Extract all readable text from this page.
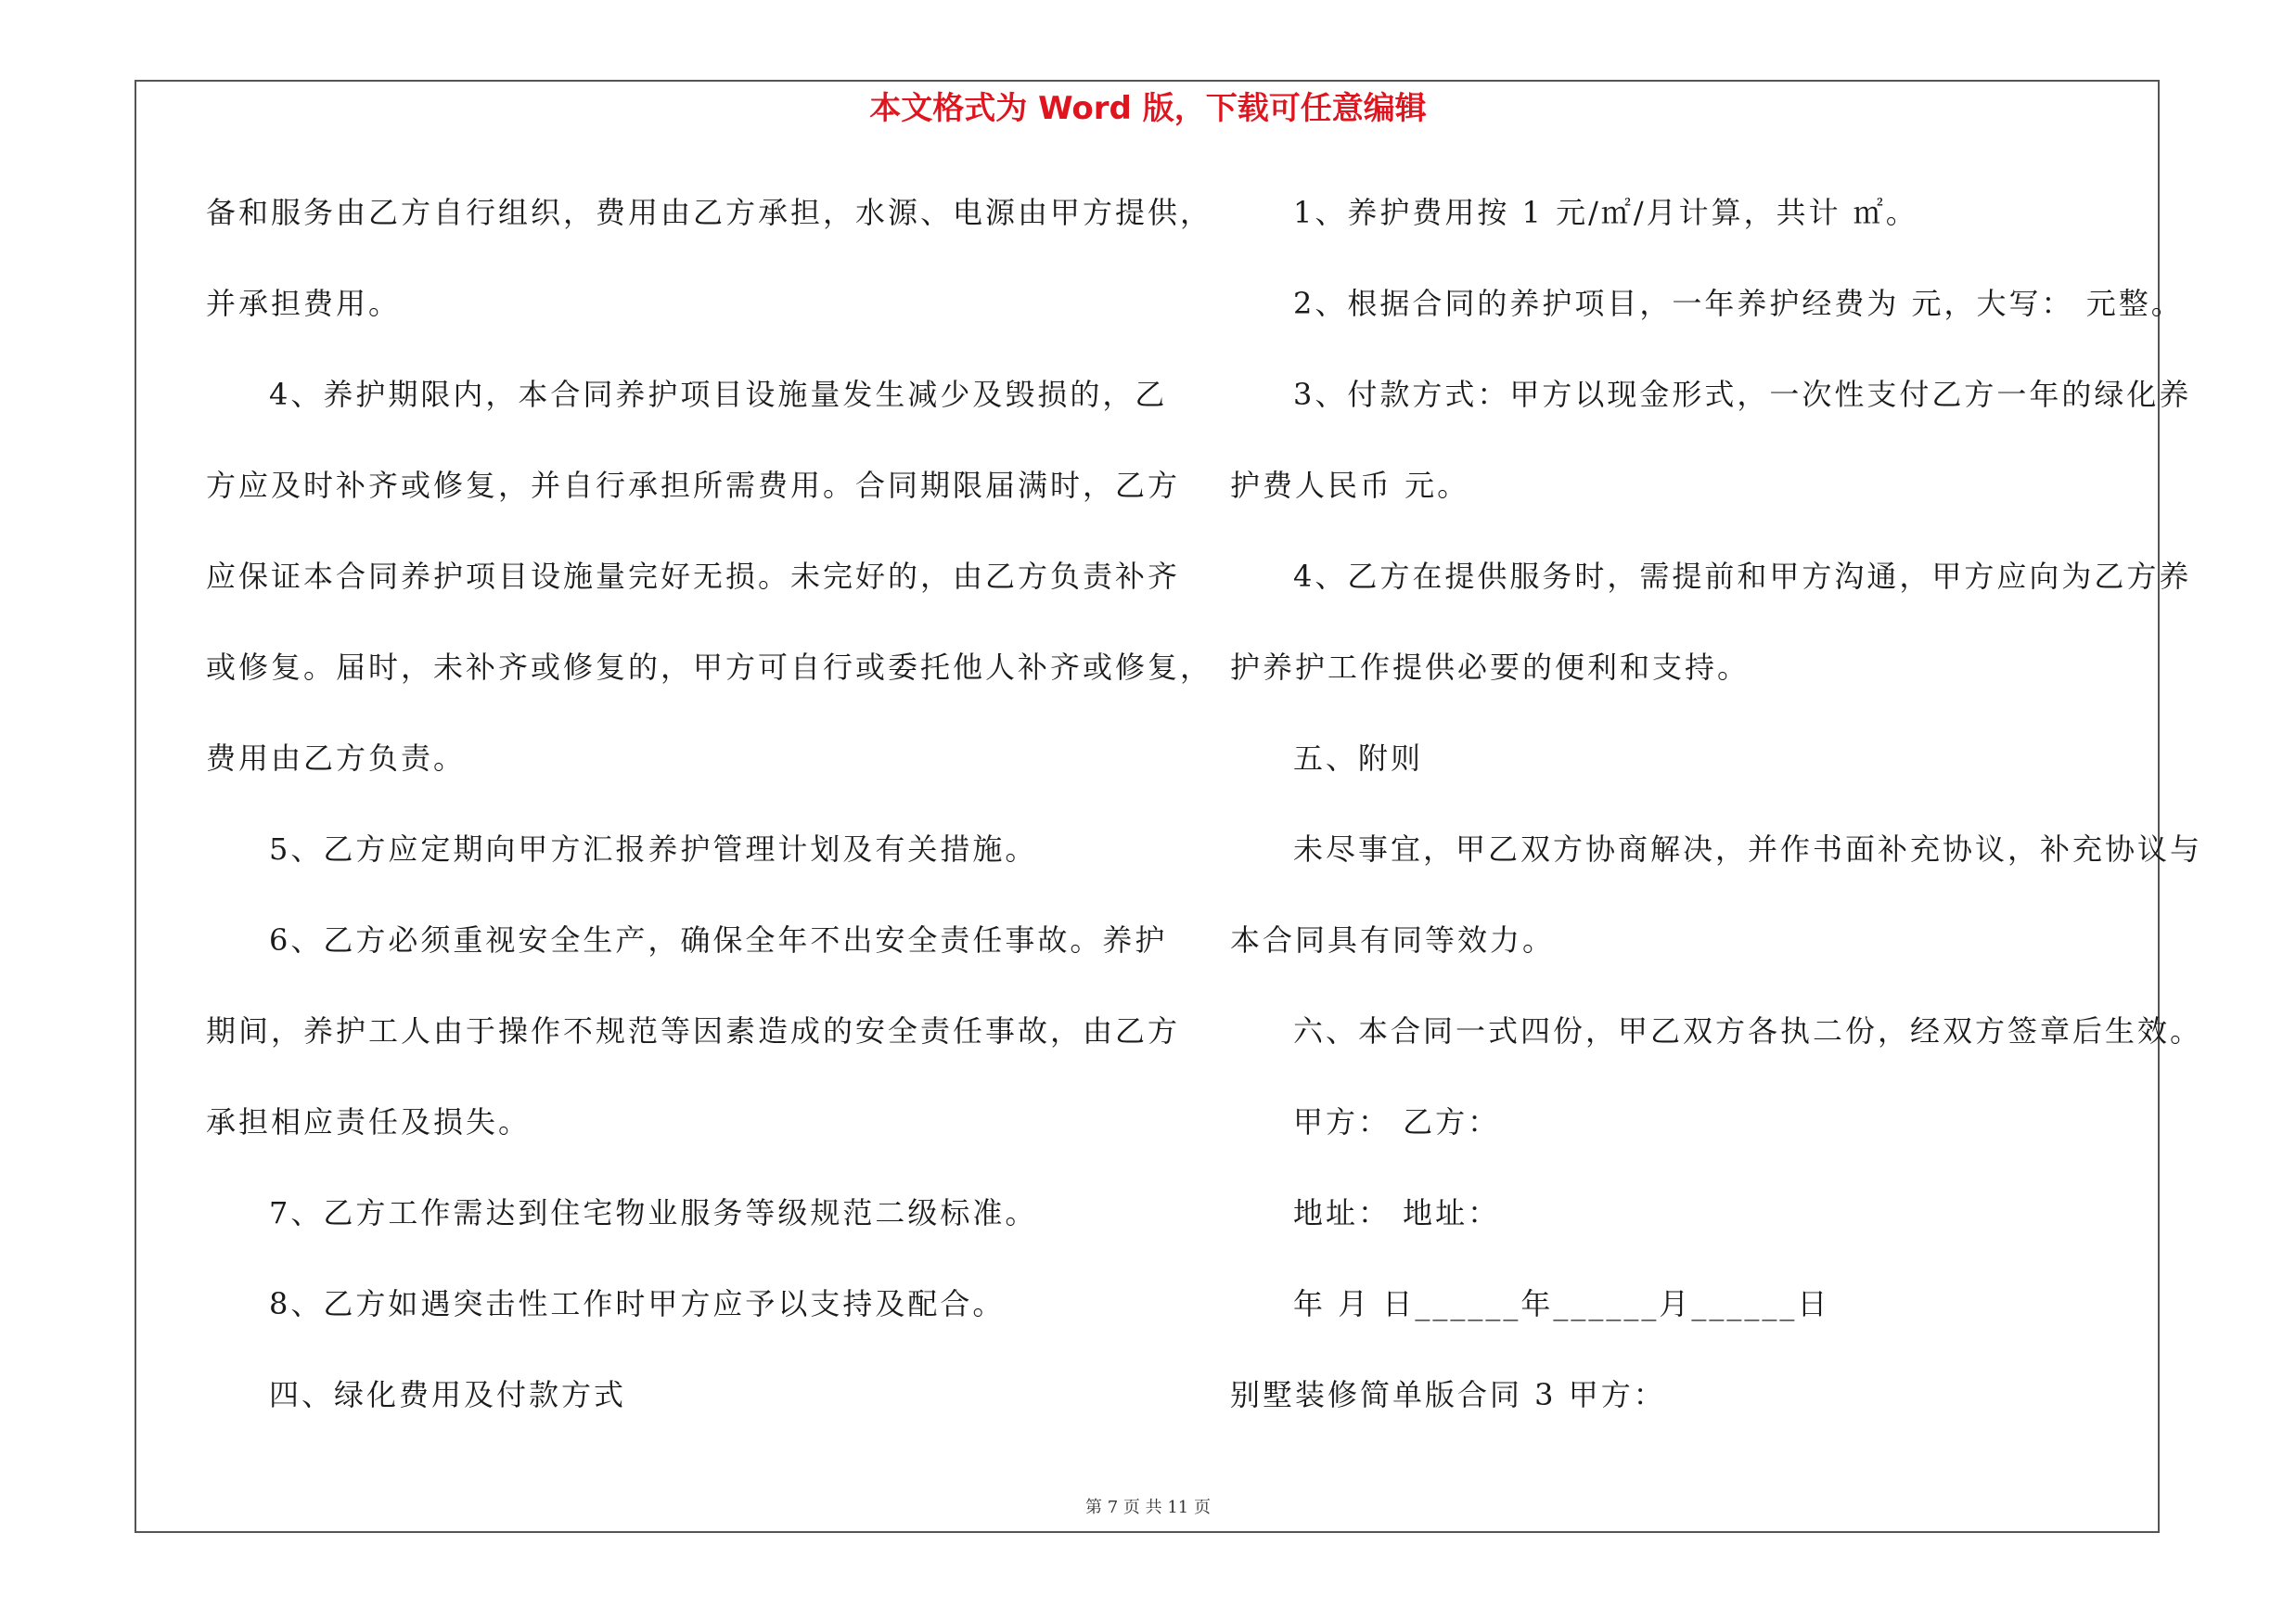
本文格式为 Word 版，下载可任意编辑
备和服务由乙方自行组织，费用由乙方承担，水源、电源由甲方提供，
并承担费用。
4、养护期限内，本合同养护项目设施量发生减少及毁损的，乙
方应及时补齐或修复，并自行承担所需费用。合同期限届满时，乙方
应保证本合同养护项目设施量完好无损。未完好的，由乙方负责补齐
或修复。届时，未补齐或修复的，甲方可自行或委托他人补齐或修复，
费用由乙方负责。
5、乙方应定期向甲方汇报养护管理计划及有关措施。
6、乙方必须重视安全生产，确保全年不出安全责任事故。养护
期间，养护工人由于操作不规范等因素造成的安全责任事故，由乙方
承担相应责任及损失。
7、乙方工作需达到住宅物业服务等级规范二级标准。
8、乙方如遇突击性工作时甲方应予以支持及配合。
四、绿化费用及付款方式
1、养护费用按 1 元/㎡/月计算，共计 ㎡。
2、根据合同的养护项目，一年养护经费为 元，大写： 元整。
3、付款方式：甲方以现金形式，一次性支付乙方一年的绿化养
护费人民币 元。
4、乙方在提供服务时，需提前和甲方沟通，甲方应向为乙方养
护养护工作提供必要的便利和支持。
五、附则
未尽事宜，甲乙双方协商解决，并作书面补充协议，补充协议与
本合同具有同等效力。
六、本合同一式四份，甲乙双方各执二份，经双方签章后生效。
甲方： 乙方：
地址： 地址：
年 月 日______年______月______日
别墅装修简单版合同 3 甲方：
第 7 页 共 11 页
